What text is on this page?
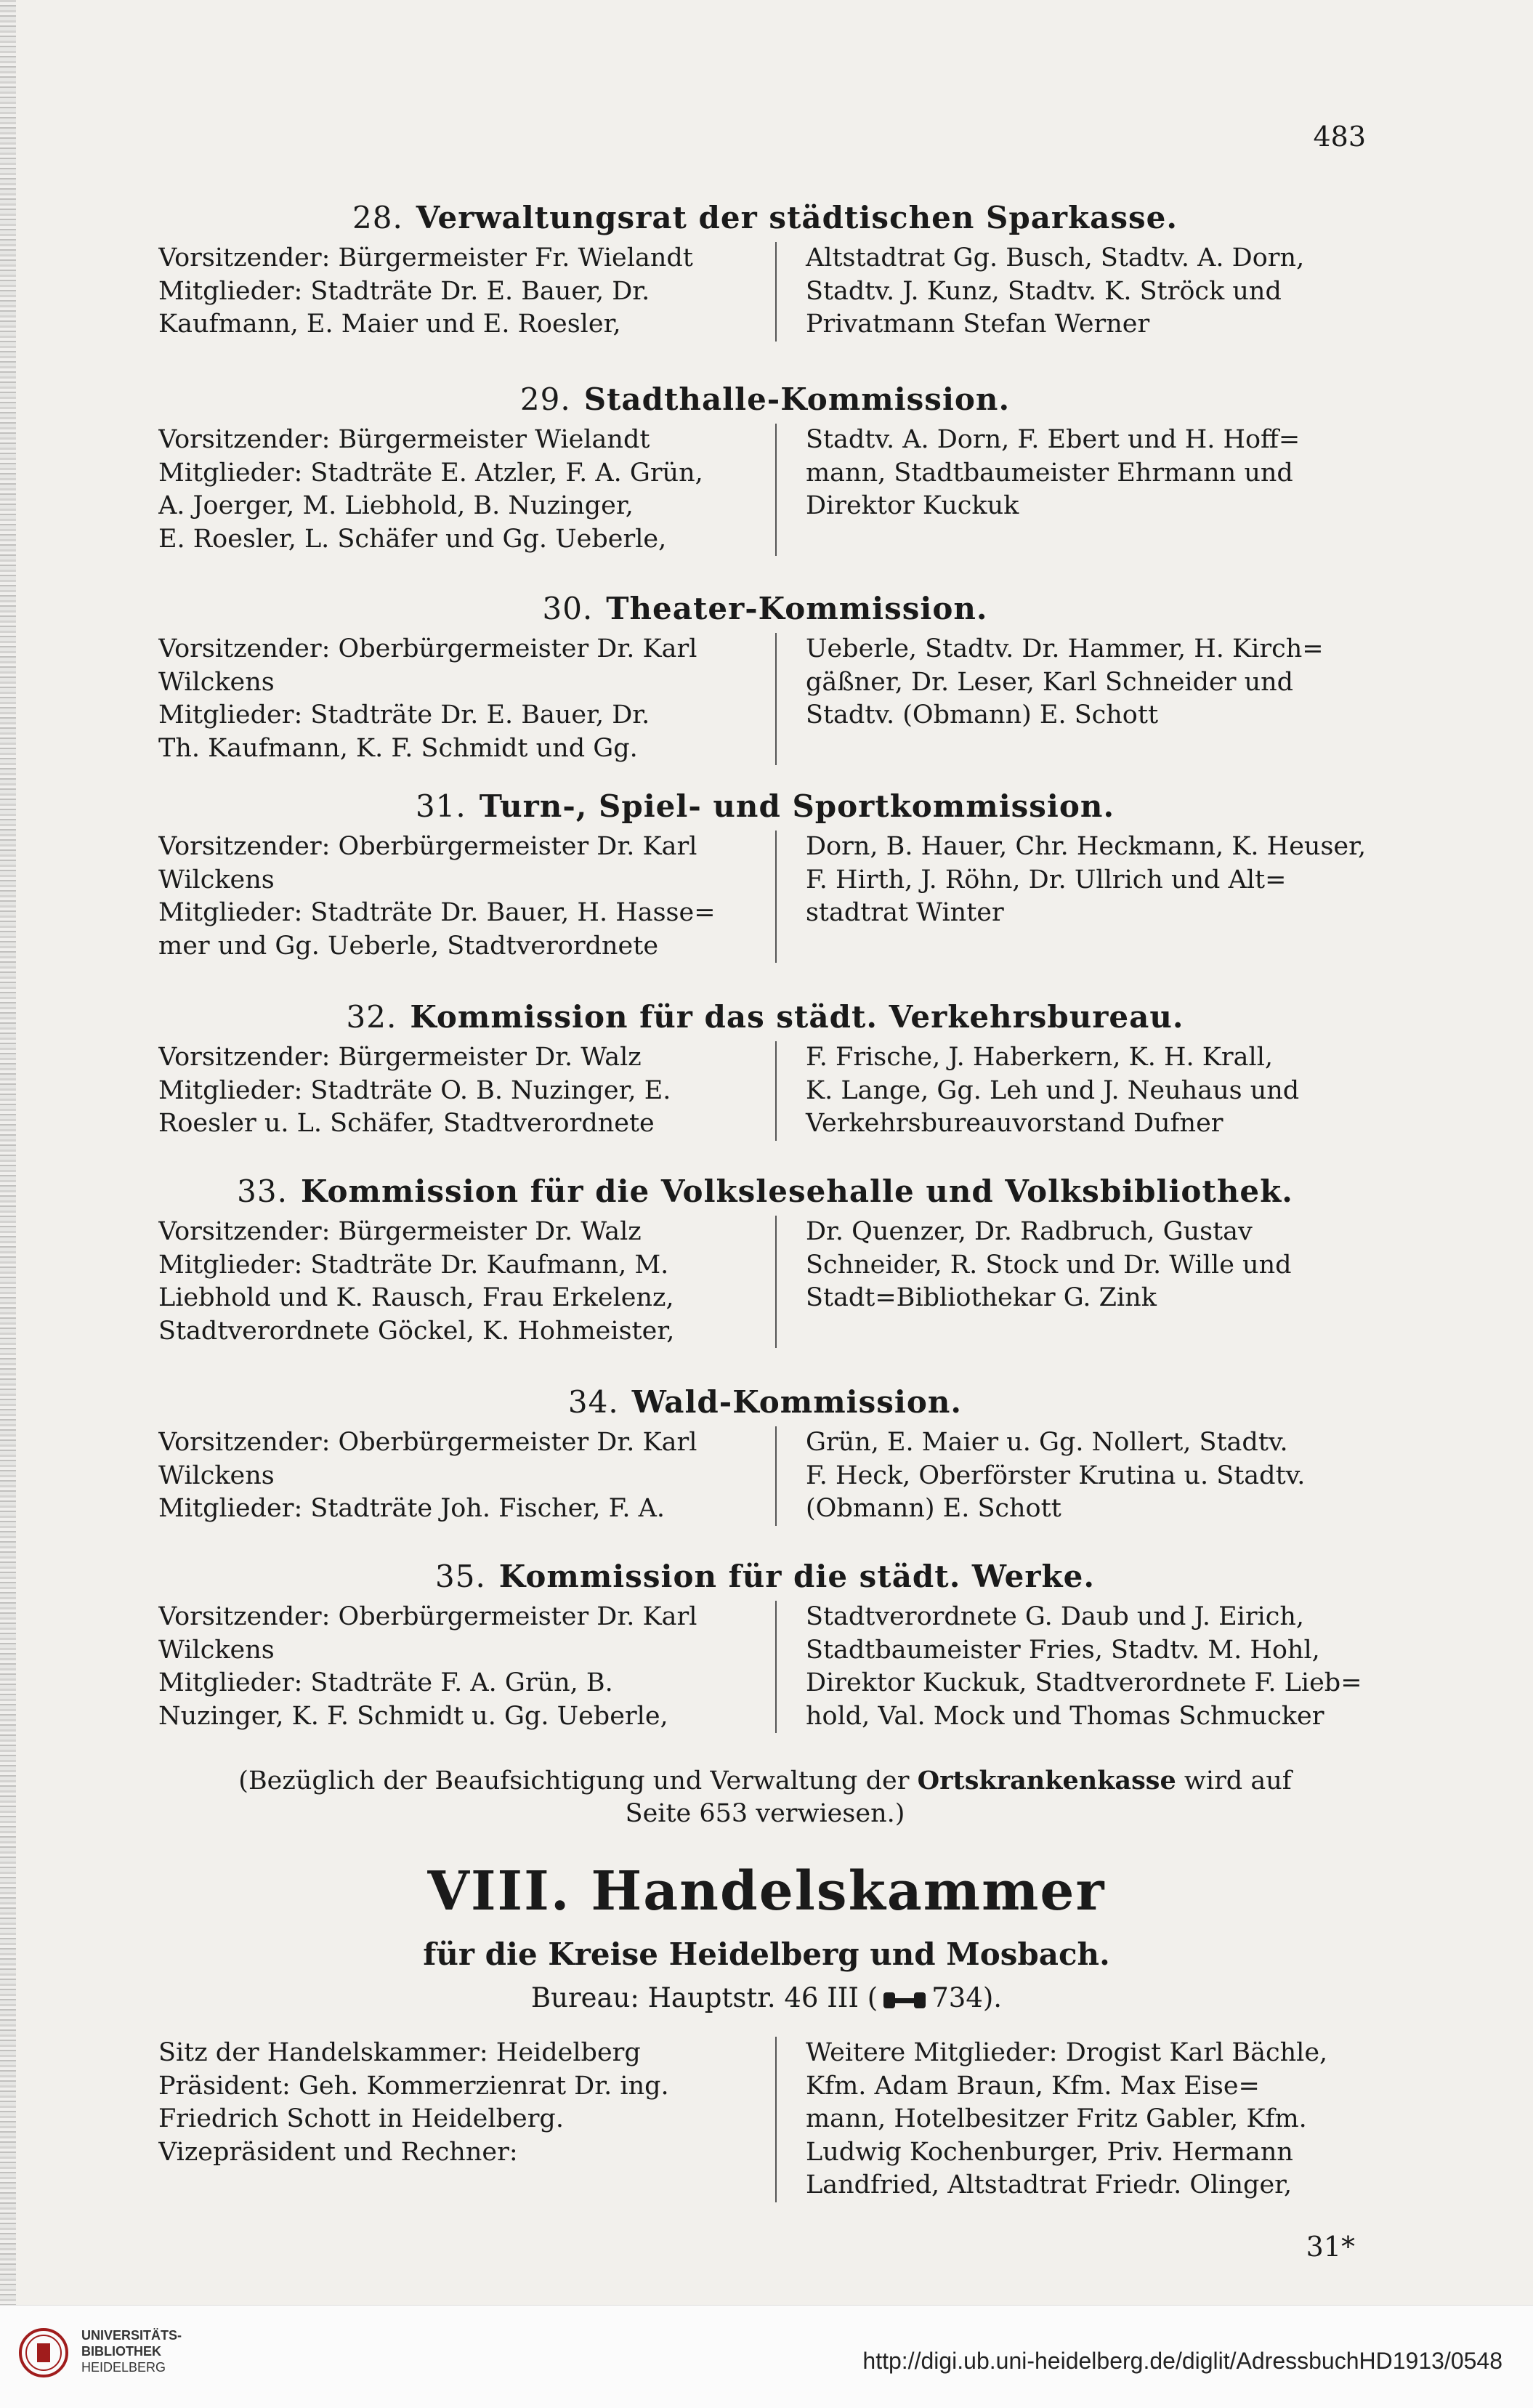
483
28. Verwaltungsrat der städtischen Sparkasse.
Vorsitzender: Bürgermeister Fr. Wielandt
Mitglieder: Stadträte Dr. E. Bauer, Dr.
Kaufmann, E. Maier und E. Roesler,
Altstadtrat Gg. Busch, Stadtv. A. Dorn,
Stadtv. J. Kunz, Stadtv. K. Ströck und
Privatmann Stefan Werner
29. Stadthalle-Kommission.
Vorsitzender: Bürgermeister Wielandt
Mitglieder: Stadträte E. Atzler, F. A. Grün,
A. Joerger, M. Liebhold, B. Nuzinger,
E. Roesler, L. Schäfer und Gg. Ueberle,
Stadtv. A. Dorn, F. Ebert und H. Hoff=
mann, Stadtbaumeister Ehrmann und
Direktor Kuckuk
30. Theater-Kommission.
Vorsitzender: Oberbürgermeister Dr. Karl
Wilckens
Mitglieder: Stadträte Dr. E. Bauer, Dr.
Th. Kaufmann, K. F. Schmidt und Gg.
Ueberle, Stadtv. Dr. Hammer, H. Kirch=
gäßner, Dr. Leser, Karl Schneider und
Stadtv. (Obmann) E. Schott
31. Turn-, Spiel- und Sportkommission.
Vorsitzender: Oberbürgermeister Dr. Karl
Wilckens
Mitglieder: Stadträte Dr. Bauer, H. Hasse=
mer und Gg. Ueberle, Stadtverordnete
Dorn, B. Hauer, Chr. Heckmann, K. Heuser,
F. Hirth, J. Röhn, Dr. Ullrich und Alt=
stadtrat Winter
32. Kommission für das städt. Verkehrsbureau.
Vorsitzender: Bürgermeister Dr. Walz
Mitglieder: Stadträte O. B. Nuzinger, E.
Roesler u. L. Schäfer, Stadtverordnete
F. Frische, J. Haberkern, K. H. Krall,
K. Lange, Gg. Leh und J. Neuhaus und
Verkehrsbureauvorstand Dufner
33. Kommission für die Volkslesehalle und Volksbibliothek.
Vorsitzender: Bürgermeister Dr. Walz
Mitglieder: Stadträte Dr. Kaufmann, M.
Liebhold und K. Rausch, Frau Erkelenz,
Stadtverordnete Göckel, K. Hohmeister,
Dr. Quenzer, Dr. Radbruch, Gustav
Schneider, R. Stock und Dr. Wille und
Stadt=Bibliothekar G. Zink
34. Wald-Kommission.
Vorsitzender: Oberbürgermeister Dr. Karl
Wilckens
Mitglieder: Stadträte Joh. Fischer, F. A.
Grün, E. Maier u. Gg. Nollert, Stadtv.
F. Heck, Oberförster Krutina u. Stadtv.
(Obmann) E. Schott
35. Kommission für die städt. Werke.
Vorsitzender: Oberbürgermeister Dr. Karl
Wilckens
Mitglieder: Stadträte F. A. Grün, B.
Nuzinger, K. F. Schmidt u. Gg. Ueberle,
Stadtverordnete G. Daub und J. Eirich,
Stadtbaumeister Fries, Stadtv. M. Hohl,
Direktor Kuckuk, Stadtverordnete F. Lieb=
hold, Val. Mock und Thomas Schmucker
(Bezüglich der Beaufsichtigung und Verwaltung der Ortskrankenkasse wird auf
Seite 653 verwiesen.)
VIII. Handelskammer
für die Kreise Heidelberg und Mosbach.
Bureau: Hauptstr. 46 III ( 734).
Sitz der Handelskammer: Heidelberg
Präsident: Geh. Kommerzienrat Dr. ing.
Friedrich Schott in Heidelberg.
Vizepräsident und Rechner:
Weitere Mitglieder: Drogist Karl Bächle,
Kfm. Adam Braun, Kfm. Max Eise=
mann, Hotelbesitzer Fritz Gabler, Kfm.
Ludwig Kochenburger, Priv. Hermann
Landfried, Altstadtrat Friedr. Olinger,
31*
UNIVERSITÄTS-
BIBLIOTHEK
HEIDELBERG	http://digi.ub.uni-heidelberg.de/diglit/AdressbuchHD1913/0548
